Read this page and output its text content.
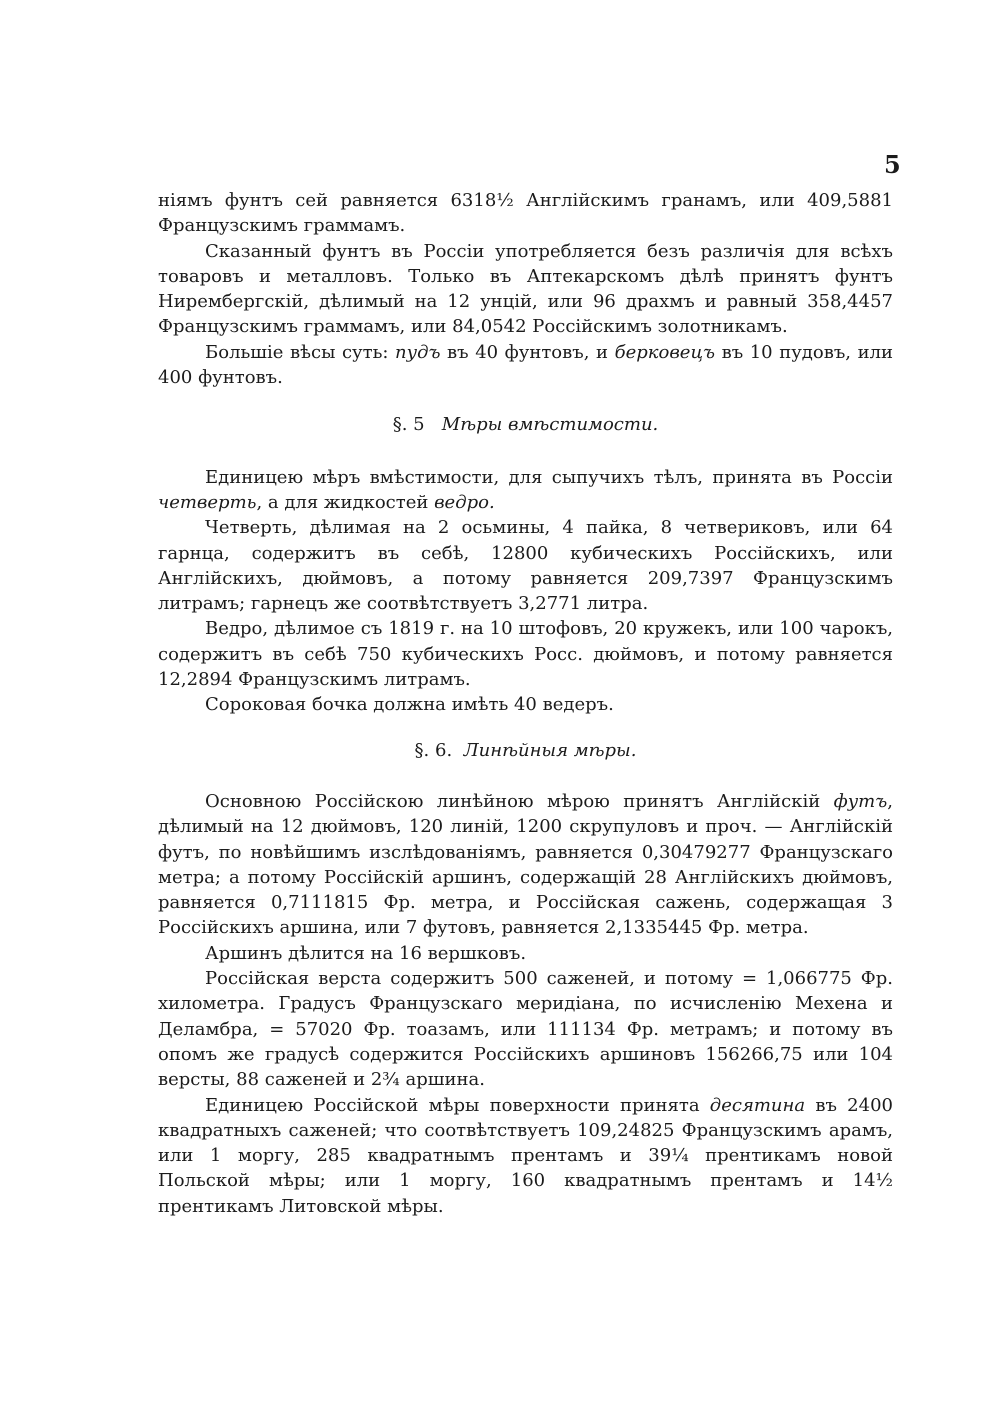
5

ніямъ фунтъ сей равняется 6318½ Англійскимъ гранамъ, или 409,5881 Французскимъ граммамъ.

Сказанный фунтъ въ Россіи употребляется безъ различія для всѣхъ товаровъ и металловъ. Только въ Аптекарскомъ дѣлѣ принятъ фунтъ Нирембергскій, дѣлимый на 12 унцій, или 96 драхмъ и равный 358,4457 Французскимъ граммамъ, или 84,0542 Россійскимъ золотникамъ.

Большіе вѣсы суть: пудъ въ 40 фунтовъ, и берковецъ въ 10 пудовъ, или 400 фунтовъ.

§. 5 Мѣры вмѣстимости.

Единицею мѣръ вмѣстимости, для сыпучихъ тѣлъ, принята въ Россіи четверть, а для жидкостей ведро.

Четверть, дѣлимая на 2 осьмины, 4 пайка, 8 четвериковъ, или 64 гарнца, содержитъ въ себѣ, 12800 кубическихъ Россійскихъ, или Англійскихъ, дюймовъ, а потому равняется 209,7397 Французскимъ литрамъ; гарнецъ же соотвѣтствуетъ 3,2771 литра.

Ведро, дѣлимое съ 1819 г. на 10 штофовъ, 20 кружекъ, или 100 чарокъ, содержитъ въ себѣ 750 кубическихъ Росс. дюймовъ, и потому равняется 12,2894 Французскимъ литрамъ.

Сороковая бочка должна имѣть 40 ведеръ.

§. 6. Линѣйныя мѣры.

Основною Россійскою линѣйною мѣрою принятъ Англійскій футъ, дѣлимый на 12 дюймовъ, 120 линій, 1200 скрупуловъ и проч. — Англійскій футъ, по новѣйшимъ изслѣдованіямъ, равняется 0,30479277 Французскаго метра; а потому Россійскій аршинъ, содержащій 28 Англійскихъ дюймовъ, равняется 0,7111815 Фр. метра, и Россійская сажень, содержащая 3 Россійскихъ аршина, или 7 футовъ, равняется 2,1335445 Фр. метра.

Аршинъ дѣлится на 16 вершковъ.

Россійская верста содержитъ 500 саженей, и потому = 1,066775 Фр. хилометра. Градусъ Французскаго меридіана, по исчисленію Мехена и Деламбра, = 57020 Фр. тоазамъ, или 111134 Фр. метрамъ; и потому въ опомъ же градусѣ содержится Россійскихъ аршиновъ 156266,75 или 104 версты, 88 саженей и 2¾ аршина.

Единицею Россійской мѣры поверхности принята десятина въ 2400 квадратныхъ саженей; что соотвѣтствуетъ 109,24825 Французскимъ арамъ, или 1 моргу, 285 квадратнымъ прентамъ и 39¼ прентикамъ новой Польской мѣры; или 1 моргу, 160 квадратнымъ прентамъ и 14½ прентикамъ Литовской мѣры.
